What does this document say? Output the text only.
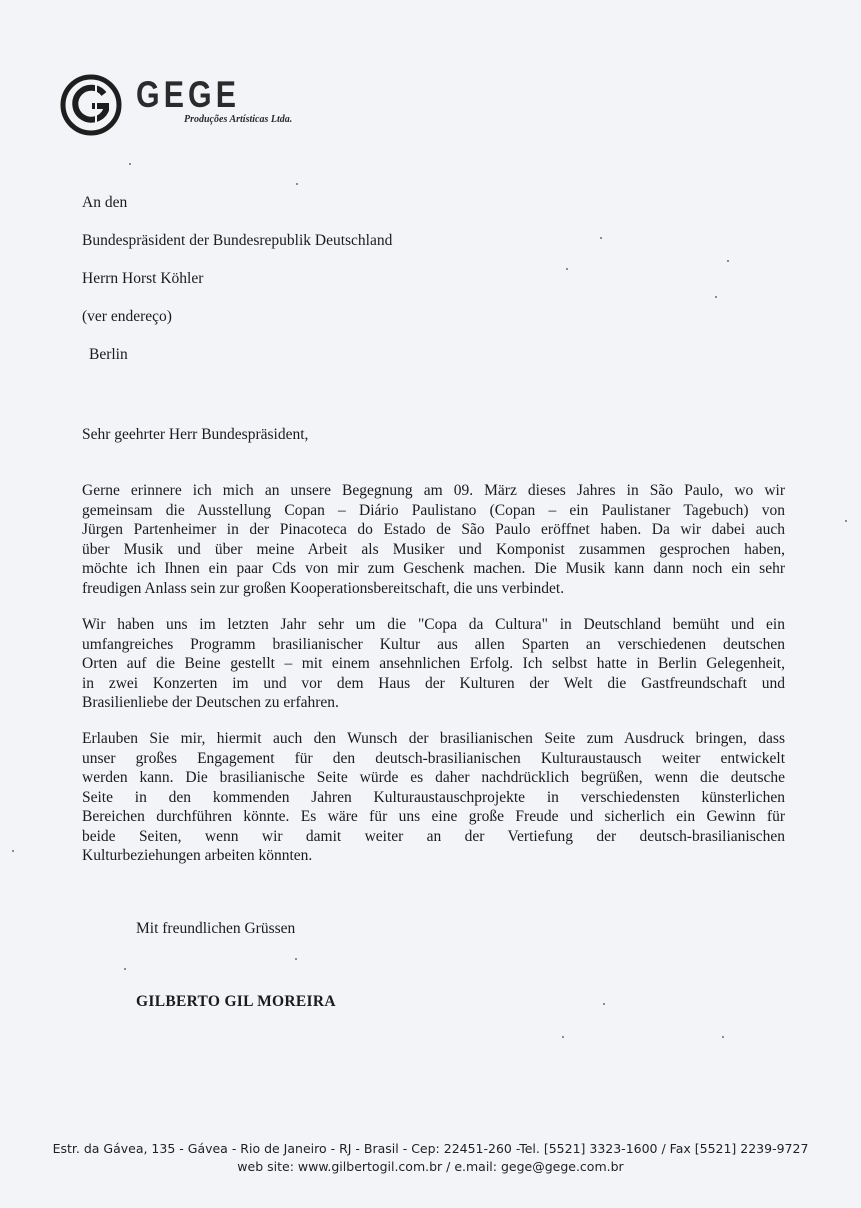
GEGE
Produções Artísticas Ltda.
An den
Bundespräsident der Bundesrepublik Deutschland
Herrn Horst Köhler
(ver endereço)
Berlin
Sehr geehrter Herr Bundespräsident,
Gerne erinnere ich mich an unsere Begegnung am 09. März dieses Jahres in São Paulo, wo wir
gemeinsam die Ausstellung Copan – Diário Paulistano (Copan – ein Paulistaner Tagebuch) von
Jürgen Partenheimer in der Pinacoteca do Estado de São Paulo eröffnet haben. Da wir dabei auch
über Musik und über meine Arbeit als Musiker und Komponist zusammen gesprochen haben,
möchte ich Ihnen ein paar Cds von mir zum Geschenk machen. Die Musik kann dann noch ein sehr
freudigen Anlass sein zur großen Kooperationsbereitschaft, die uns verbindet.
Wir haben uns im letzten Jahr sehr um die "Copa da Cultura" in Deutschland bemüht und ein
umfangreiches Programm brasilianischer Kultur aus allen Sparten an verschiedenen deutschen
Orten auf die Beine gestellt – mit einem ansehnlichen Erfolg. Ich selbst hatte in Berlin Gelegenheit,
in zwei Konzerten im und vor dem Haus der Kulturen der Welt die Gastfreundschaft und
Brasilienliebe der Deutschen zu erfahren.
Erlauben Sie mir, hiermit auch den Wunsch der brasilianischen Seite zum Ausdruck bringen, dass
unser großes Engagement für den deutsch-brasilianischen Kulturaustausch weiter entwickelt
werden kann. Die brasilianische Seite würde es daher nachdrücklich begrüßen, wenn die deutsche
Seite in den kommenden Jahren Kulturaustauschprojekte in verschiedensten künsterlichen
Bereichen durchführen könnte. Es wäre für uns eine große Freude und sicherlich ein Gewinn für
beide Seiten, wenn wir damit weiter an der Vertiefung der deutsch-brasilianischen
Kulturbeziehungen arbeiten könnten.
Mit freundlichen Grüssen
GILBERTO GIL MOREIRA
Estr. da Gávea, 135 - Gávea - Rio de Janeiro - RJ - Brasil - Cep: 22451-260 -Tel. [5521] 3323-1600 / Fax [5521] 2239-9727
web site: www.gilbertogil.com.br / e.mail: gege@gege.com.br
